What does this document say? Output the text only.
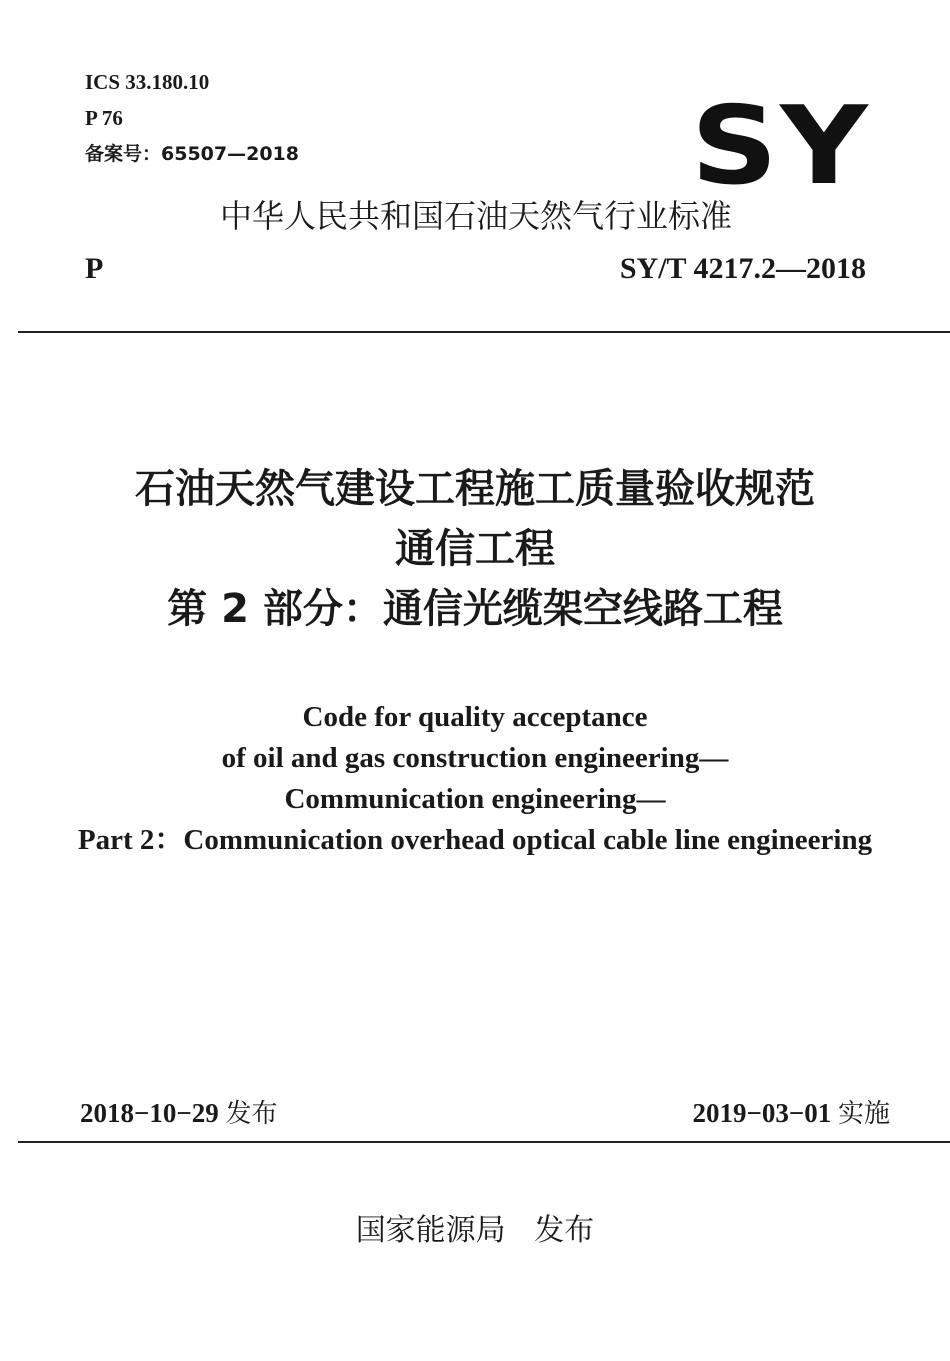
ICS 33.180.10
P 76
备案号：65507—2018	SY
中华人民共和国石油天然气行业标准
P	SY/T 4217.2—2018
石油天然气建设工程施工质量验收规范
通信工程
第 2 部分：通信光缆架空线路工程
Code for quality acceptance
of oil and gas construction engineering—
Communication engineering—
Part 2：Communication overhead optical cable line engineering
2018−10−29 发布	2019−03−01 实施
国家能源局   发布
